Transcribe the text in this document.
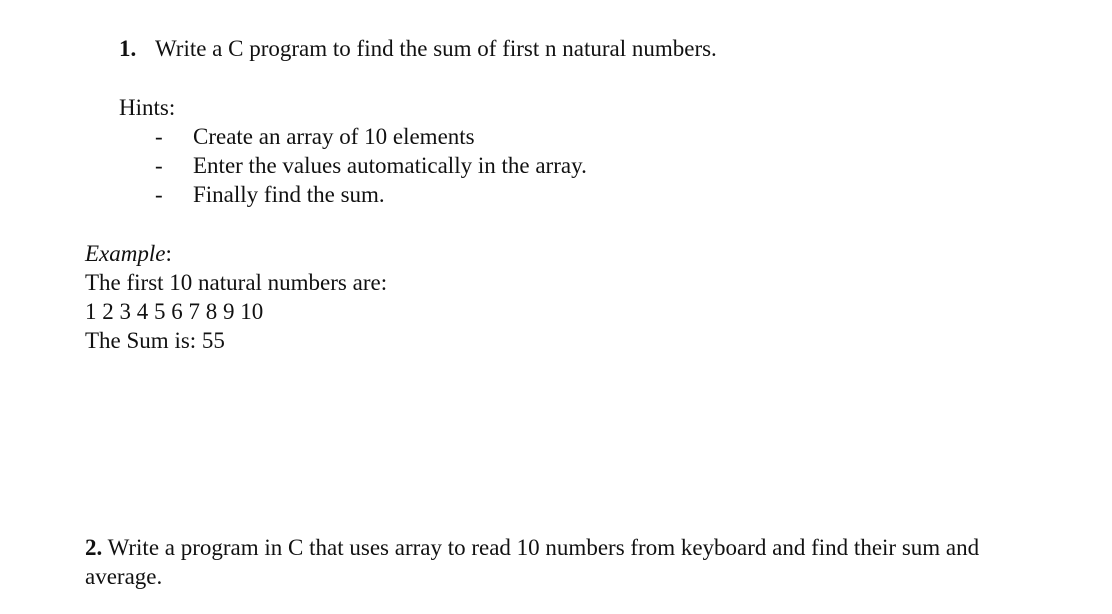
1. Write a C program to find the sum of first n natural numbers.
Hints:
-	Create an array of 10 elements
-	Enter the values automatically in the array.
-	Finally find the sum.
Example:
The first 10 natural numbers are:
1 2 3 4 5 6 7 8 9 10
The Sum is: 55
2. Write a program in C that uses array to read 10 numbers from keyboard and find their sum and average.
